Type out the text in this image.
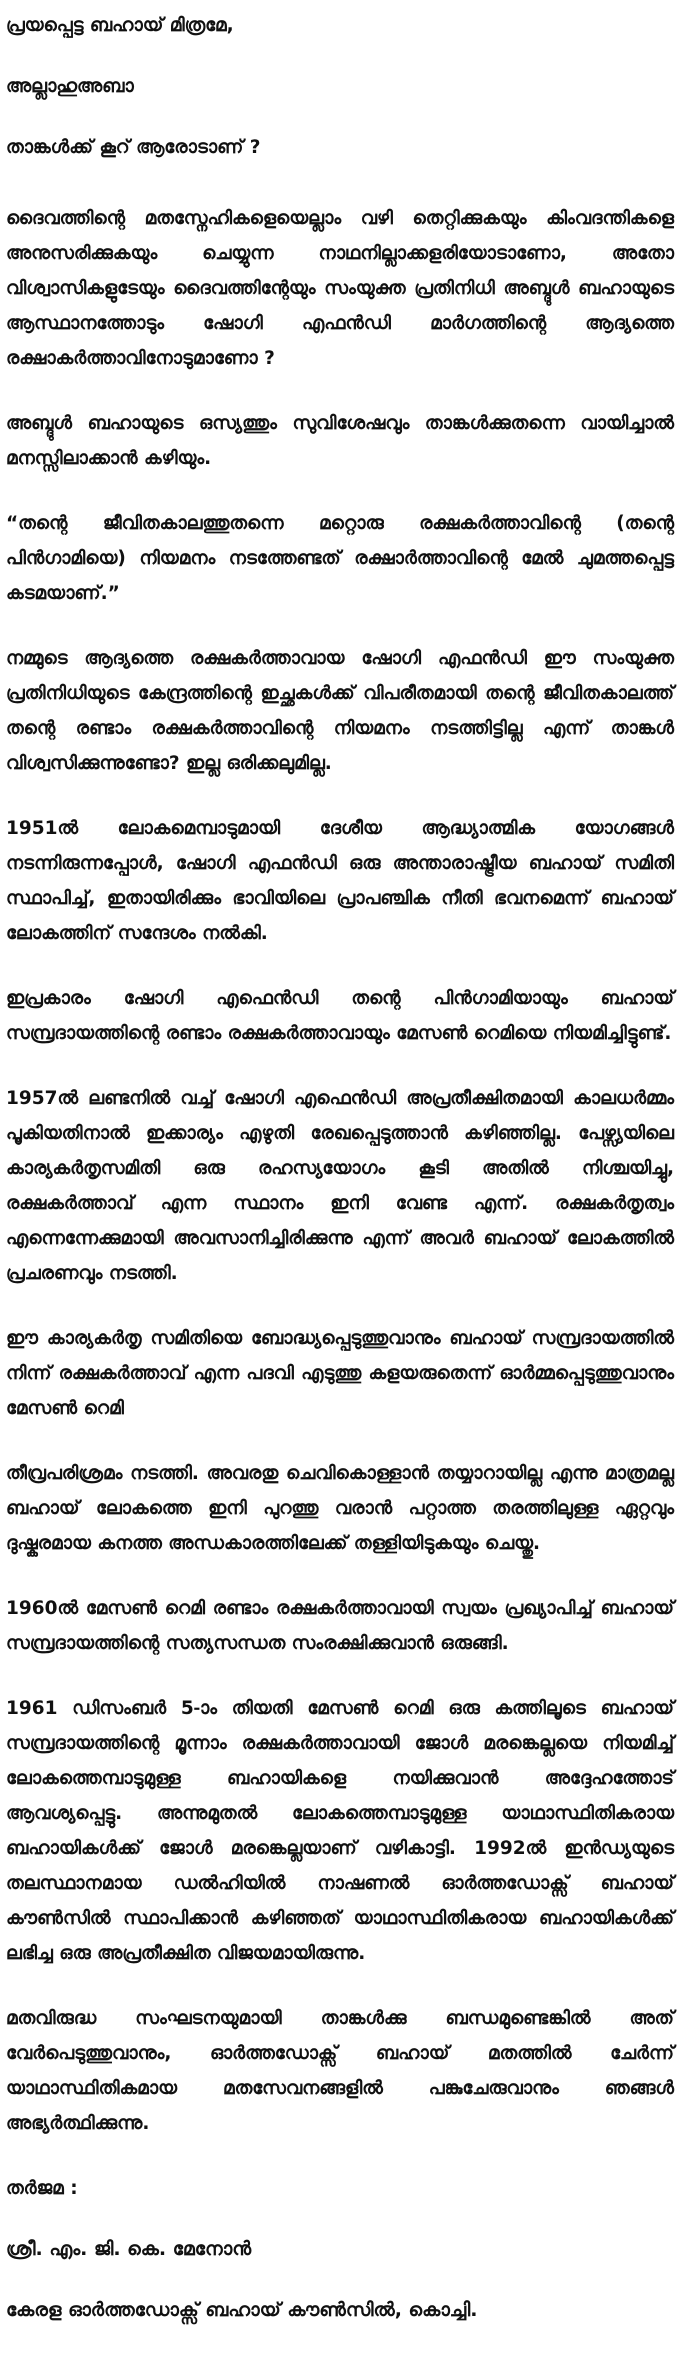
പ്രയപ്പെട്ട ബഹായ് മിത്രമേ,

അല്ലാഹുഅബാ

താങ്കൾക്ക് കൂറ് ആരോടാണ് ?

ദൈവത്തിന്റെ മതസ്നേഹികളെയെല്ലാം വഴി തെറ്റിക്കുകയും കിംവദന്തികളെ അനുസരിക്കുകയും ചെയ്യുന്ന നാഥനില്ലാക്കളരിയോടാണോ, അതോ വിശ്വാസികളുടേയും ദൈവത്തിന്റേയും സംയുക്ത പ്രതിനിധി അബ്ദുൾ ബഹായുടെ ആസ്ഥാനത്തോടും ഷോഗി എഫൻഡി മാർഗത്തിന്റെ ആദ്യത്തെ രക്ഷാകർത്താവിനോടുമാണോ ?

അബ്ദുൾ ബഹായുടെ ഒസ്യത്തും സുവിശേഷവും താങ്കൾക്കുതന്നെ വായിച്ചാൽ മനസ്സിലാക്കാൻ കഴിയും.

“തന്റെ ജീവിതകാലത്തുതന്നെ മറ്റൊരു രക്ഷകർത്താവിന്റെ (തന്റെ പിൻഗാമിയെ) നിയമനം നടത്തേണ്ടത് രക്ഷാർത്താവിന്റെ മേൽ ചുമത്തപ്പെട്ട കടമയാണ്.”

നമ്മുടെ ആദ്യത്തെ രക്ഷകർത്താവായ ഷോഗി എഫൻഡി ഈ സംയുക്ത പ്രതിനിധിയുടെ കേന്ദ്രത്തിന്റെ ഇച്ഛകൾക്ക് വിപരീതമായി തന്റെ ജീവിതകാലത്ത് തന്റെ രണ്ടാം രക്ഷകർത്താവിന്റെ നിയമനം നടത്തിട്ടില്ല എന്ന് താങ്കൾ വിശ്വസിക്കുന്നുണ്ടോ? ഇല്ല ഒരിക്കലുമില്ല.

1951ൽ ലോകമെമ്പാടുമായി ദേശീയ ആദ്ധ്യാത്മിക യോഗങ്ങൾ നടന്നിരുന്നപ്പോൾ, ഷോഗി എഫൻഡി ഒരു അന്താരാഷ്ട്രീയ ബഹായ് സമിതി സ്ഥാപിച്ച്, ഇതായിരിക്കും ഭാവിയിലെ പ്രാപഞ്ചിക നീതി ഭവനമെന്ന് ബഹായ് ലോകത്തിന് സന്ദേശം നൽകി.

ഇപ്രകാരം ഷോഗി എഫെൻഡി തന്റെ പിൻഗാമിയായും ബഹായ് സമ്പ്രദായത്തിന്റെ രണ്ടാം രക്ഷകർത്താവായും മേസൺ റെമിയെ നിയമിച്ചിട്ടുണ്ട്.

1957ൽ ലണ്ടനിൽ വച്ച് ഷോഗി എഫെൻഡി അപ്രതീക്ഷിതമായി കാലധർമ്മം പൂകിയതിനാൽ ഇക്കാര്യം എഴുതി രേഖപ്പെടുത്താൻ കഴിഞ്ഞില്ല. പേഴ്സ്യയിലെ കാര്യകർതൃസമിതി ഒരു രഹസ്യയോഗം കൂടി അതിൽ നിശ്ചയിച്ചു, രക്ഷകർത്താവ് എന്ന സ്ഥാനം ഇനി വേണ്ട എന്ന്. രക്ഷകർതൃത്വം എന്നെന്നേക്കുമായി അവസാനിച്ചിരിക്കുന്നു എന്ന് അവർ ബഹായ് ലോകത്തിൽ പ്രചരണവും നടത്തി.

ഈ കാര്യകർതൃ സമിതിയെ ബോദ്ധ്യപ്പെടുത്തുവാനും ബഹായ് സമ്പ്രദായത്തിൽ നിന്ന് രക്ഷകർത്താവ് എന്ന പദവി എടുത്തു കളയരുതെന്ന് ഓർമ്മപ്പെടുത്തുവാനും മേസൺ റെമി

തീവ്രപരിശ്രമം നടത്തി. അവരതു ചെവികൊള്ളാൻ തയ്യാറായില്ല എന്നു മാത്രമല്ല ബഹായ് ലോകത്തെ ഇനി പുറത്തു വരാൻ പറ്റാത്ത തരത്തിലുള്ള ഏറ്റവും ദുഷ്കരമായ കനത്ത അന്ധകാരത്തിലേക്ക് തള്ളിയിടുകയും ചെയ്തു.

1960ൽ മേസൺ റെമി രണ്ടാം രക്ഷകർത്താവായി സ്വയം പ്രഖ്യാപിച്ച് ബഹായ് സമ്പ്രദായത്തിന്റെ സത്യസന്ധത സംരക്ഷിക്കുവാൻ ഒരുങ്ങി.

1961 ഡിസംബർ 5-ാം തിയതി മേസൺ റെമി ഒരു കത്തിലൂടെ ബഹായ് സമ്പ്രദായത്തിന്റെ മൂന്നാം രക്ഷകർത്താവായി ജോൾ മരങ്കെല്ലയെ നിയമിച്ച് ലോകത്തെമ്പാടുമുള്ള ബഹായികളെ നയിക്കുവാൻ അദ്ദേഹത്തോട് ആവശ്യപ്പെട്ടു. അന്നുമുതൽ ലോകത്തെമ്പാടുമുള്ള യാഥാസ്ഥിതികരായ ബഹായികൾക്ക് ജോൾ മരങ്കെല്ലയാണ് വഴികാട്ടി. 1992ൽ ഇൻഡ്യയുടെ തലസ്ഥാനമായ ഡൽഹിയിൽ നാഷണൽ ഓർത്തഡോക്സ് ബഹായ് കൗൺസിൽ സ്ഥാപിക്കാൻ കഴിഞ്ഞത് യാഥാസ്ഥിതികരായ ബഹായികൾക്ക് ലഭിച്ച ഒരു അപ്രതീക്ഷിത വിജയമായിരുന്നു.

മതവിരുദ്ധ സംഘടനയുമായി താങ്കൾക്കു ബന്ധമുണ്ടെങ്കിൽ അത് വേർപെടുത്തുവാനും, ഓർത്തഡോക്സ് ബഹായ് മതത്തിൽ ചേർന്ന് യാഥാസ്ഥിതികമായ മതസേവനങ്ങളിൽ പങ്കുചേരുവാനും ഞങ്ങൾ അഭ്യർത്ഥിക്കുന്നു.

തർജമ :

ശ്രീ. എം. ജി. കെ. മേനോൻ

കേരള ഓർത്തഡോക്സ് ബഹായ് കൗൺസിൽ, കൊച്ചി.
